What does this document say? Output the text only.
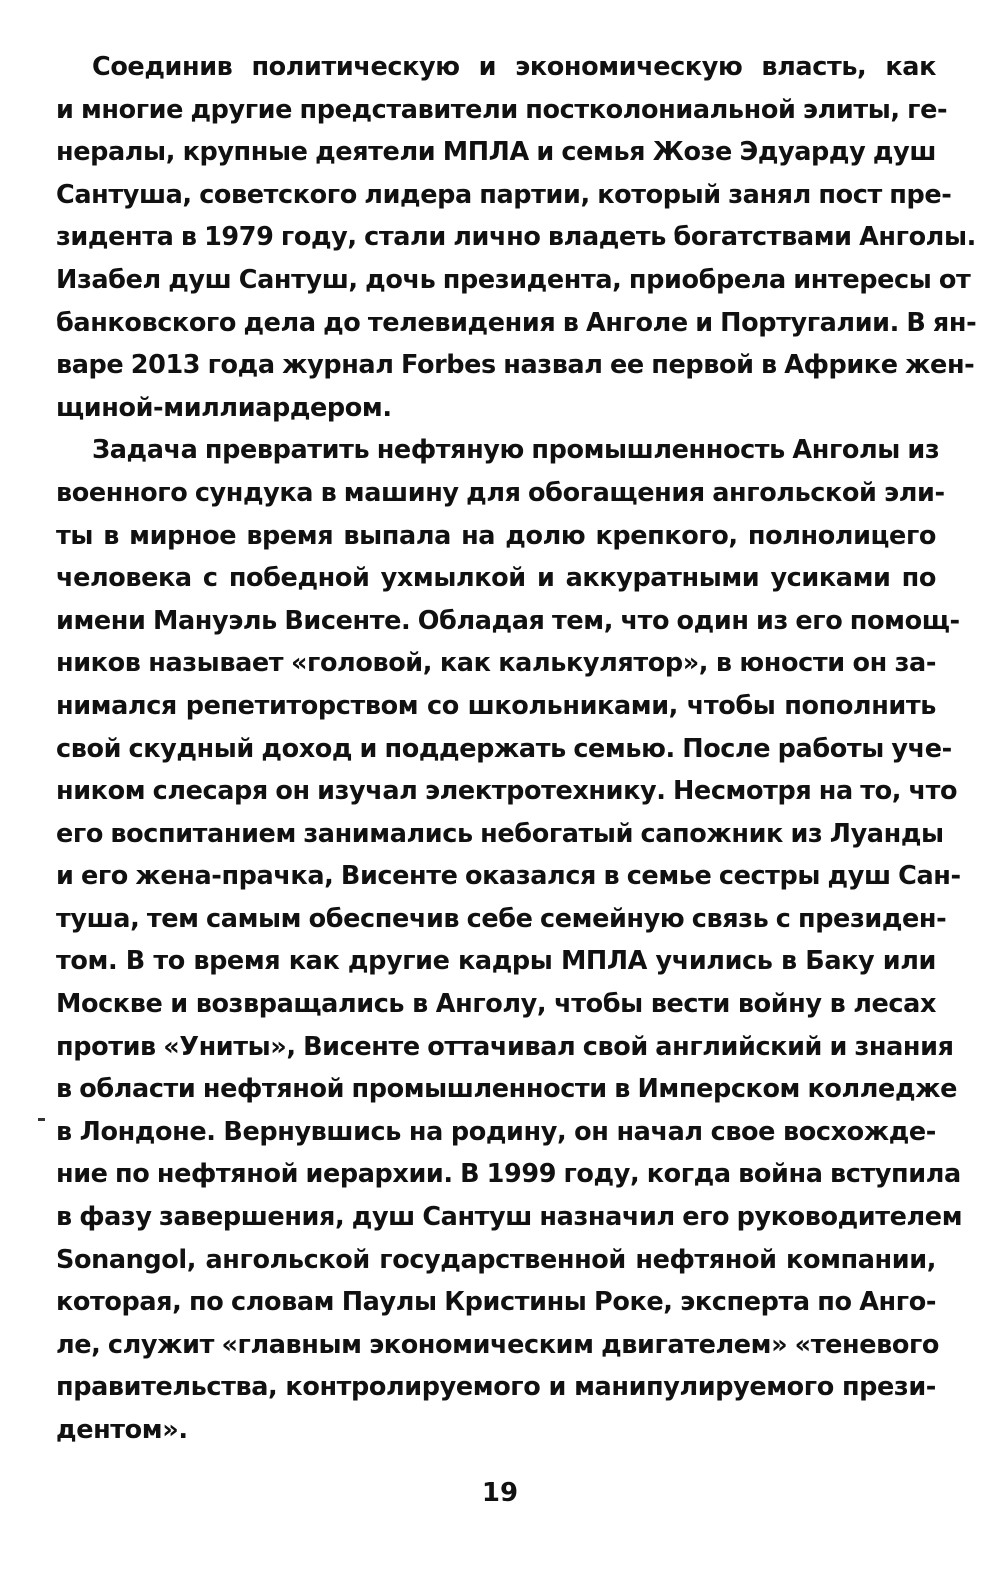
Соединив политическую и экономическую власть, как
и многие другие представители постколониальной элиты, ге-
нералы, крупные деятели МПЛА и семья Жозе Эдуарду душ
Сантуша, советского лидера партии, который занял пост пре-
зидента в 1979 году, стали лично владеть богатствами Анголы.
Изабел душ Сантуш, дочь президента, приобрела интересы от
банковского дела до телевидения в Анголе и Португалии. В ян-
варе 2013 года журнал Forbes назвал ее первой в Африке жен-
щиной-миллиардером.
Задача превратить нефтяную промышленность Анголы из
военного сундука в машину для обогащения ангольской эли-
ты в мирное время выпала на долю крепкого, полнолицего
человека с победной ухмылкой и аккуратными усиками по
имени Мануэль Висенте. Обладая тем, что один из его помощ-
ников называет «головой, как калькулятор», в юности он за-
нимался репетиторством со школьниками, чтобы пополнить
свой скудный доход и поддержать семью. После работы уче-
ником слесаря он изучал электротехнику. Несмотря на то, что
его воспитанием занимались небогатый сапожник из Луанды
и его жена-прачка, Висенте оказался в семье сестры душ Сан-
туша, тем самым обеспечив себе семейную связь с президен-
том. В то время как другие кадры МПЛА учились в Баку или
Москве и возвращались в Анголу, чтобы вести войну в лесах
против «Униты», Висенте оттачивал свой английский и знания
в области нефтяной промышленности в Имперском колледже
в Лондоне. Вернувшись на родину, он начал свое восхожде-
ние по нефтяной иерархии. В 1999 году, когда война вступила
в фазу завершения, душ Сантуш назначил его руководителем
Sonangol, ангольской государственной нефтяной компании,
которая, по словам Паулы Кристины Роке, эксперта по Анго-
ле, служит «главным экономическим двигателем» «теневого
правительства, контролируемого и манипулируемого прези-
дентом».
19
